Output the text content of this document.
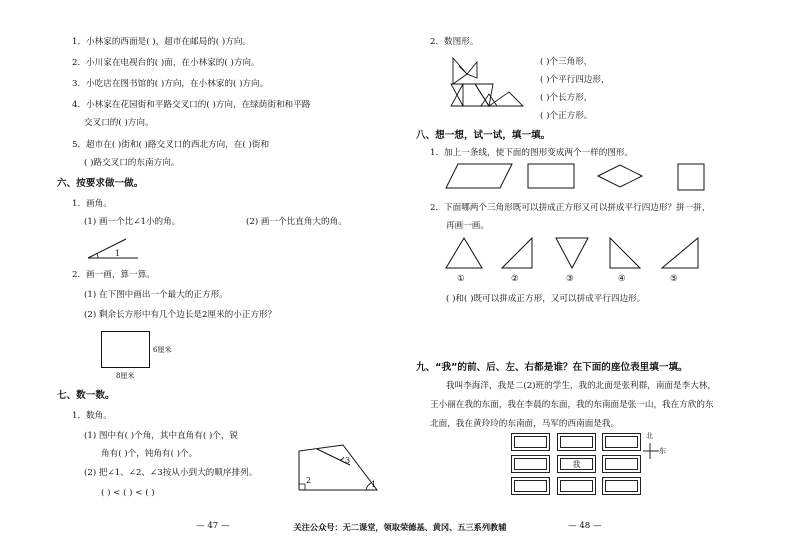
1．小林家的西面是( )，超市在邮局的( )方向。
2．小川家在电视台的( )面，在小林家的( )方向。
3．小吃店在图书馆的( )方向，在小林家的( )方向。
4．小林家在花园街和平路交叉口的( )方向，在绿荫街和和平路
交叉口的( )方向。
5．超市在( )街和( )路交叉口的西北方向，在( )街和
( )路交叉口的东南方向。
六、按要求做一做。
1．画角。
(1) 画一个比∠1小的角。	(2) 画一个比直角大的角。
1
2．画一画，算一算。
(1) 在下图中画出一个最大的正方形。
(2) 剩余长方形中有几个边长是2厘米的小正方形？
6厘米
8厘米
七、数一数。
1．数角。
(1) 图中有( )个角，其中直角有( )个，锐
角有( )个，钝角有( )个。
(2) 把∠1、∠2、∠3按从小到大的顺序排列。
( ) < ( ) < ( )
2	1
3
— 47 —
2．数图形。
( )个三角形，
( )个平行四边形，
( )个长方形，
( )个正方形。
八、想一想，试一试，填一填。
1．加上一条线，使下面的图形变成两个一样的图形。
2．下面哪两个三角形既可以拼成正方形又可以拼成平行四边形？拼一拼，
再画一画。
①	②	③	④	⑤
( )和( )既可以拼成正方形，又可以拼成平行四边形。
九、“我”的前、后、左、右都是谁？在下面的座位表里填一填。
我叫李海洋，我是二(2)班的学生，我的北面是张利群，南面是李大林，
王小丽在我的东面，我在李晨的东面，我的东南面是张一山，我在方欣的东
北面，我在黄玲玲的东南面，马军的西南面是我。
我
北
东
— 48 —
关注公众号：无二课堂，领取荣德基、黄冈、五三系列教辅
